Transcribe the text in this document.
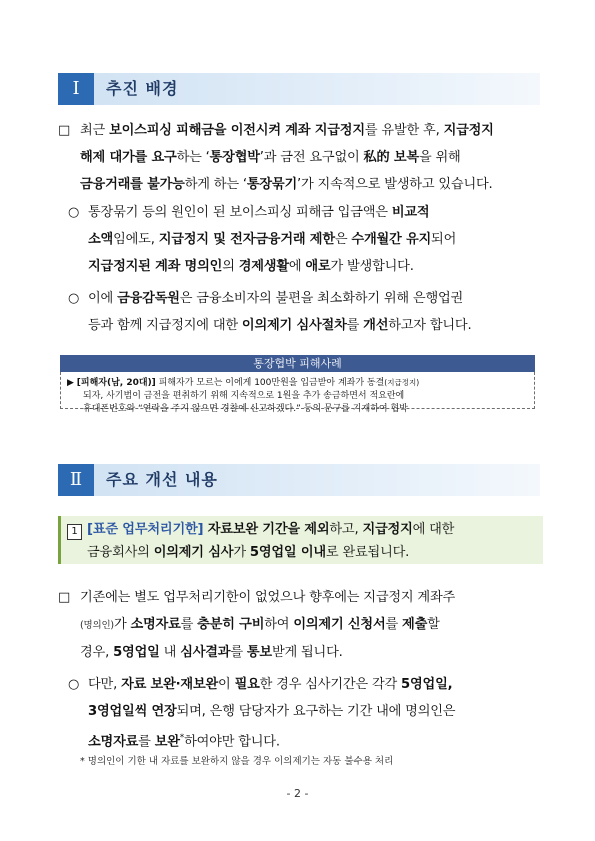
Ⅰ	추진 배경
□ 최근 보이스피싱 피해금을 이전시켜 계좌 지급정지를 유발한 후, 지급정지
해제 대가를 요구하는 ‘통장협박’과 금전 요구없이 私的 보복을 위해
금융거래를 불가능하게 하는 ‘통장묶기’가 지속적으로 발생하고 있습니다.
○ 통장묶기 등의 원인이 된 보이스피싱 피해금 입금액은 비교적
소액임에도, 지급정지 및 전자금융거래 제한은 수개월간 유지되어
지급정지된 계좌 명의인의 경제생활에 애로가 발생합니다.
○ 이에 금융감독원은 금융소비자의 불편을 최소화하기 위해 은행업권
등과 함께 지급정지에 대한 이의제기 심사절차를 개선하고자 합니다.
통장협박 피해사례
▶ [피해자(남, 20대)] 피해자가 모르는 이에게 100만원을 입금받아 계좌가 동결(지급정지)
되자, 사기범이 금전을 편취하기 위해 지속적으로 1원을 추가 송금하면서 적요란에
휴대폰번호와 “연락을 주지 않으면 경찰에 신고하겠다.” 등의 문구를 기재하여 협박
Ⅱ	주요 개선 내용
1 [표준 업무처리기한] 자료보완 기간을 제외하고, 지급정지에 대한
금융회사의 이의제기 심사가 5영업일 이내로 완료됩니다.
□ 기존에는 별도 업무처리기한이 없었으나 향후에는 지급정지 계좌주
(명의인)가 소명자료를 충분히 구비하여 이의제기 신청서를 제출할
경우, 5영업일 내 심사결과를 통보받게 됩니다.
○ 다만, 자료 보완·재보완이 필요한 경우 심사기간은 각각 5영업일,
3영업일씩 연장되며, 은행 담당자가 요구하는 기간 내에 명의인은
소명자료를 보완*하여야만 합니다.
* 명의인이 기한 내 자료를 보완하지 않을 경우 이의제기는 자동 불수용 처리
- 2 -
